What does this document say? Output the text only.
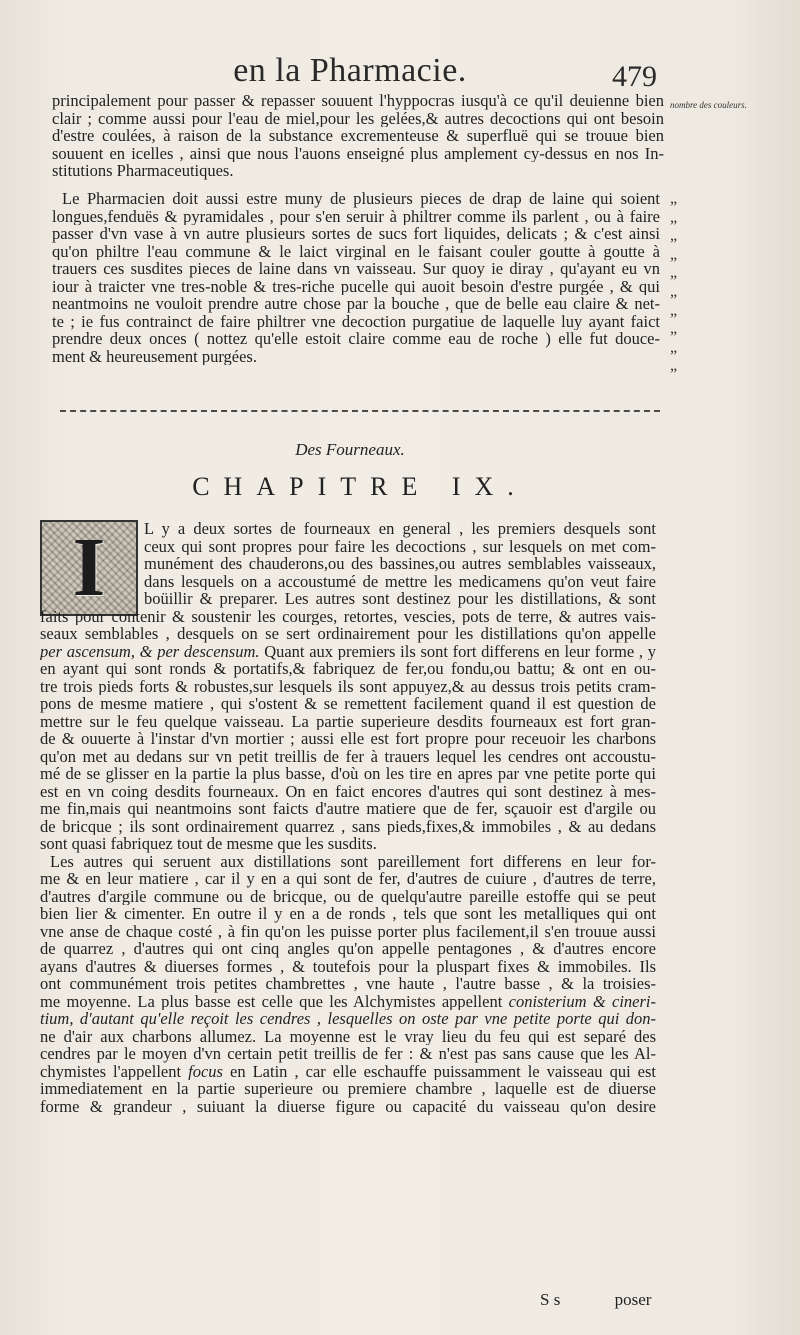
en la Pharmacie.	479
nombre des couleurs.
principalement pour passer & repasser souuent l'hyppocras iusqu'à ce qu'il deuienne bien
clair ; comme aussi pour l'eau de miel,pour les gelées,& autres decoctions qui ont besoin
d'estre coulées, à raison de la substance excrementeuse & superfluë qui se trouue bien
souuent en icelles , ainsi que nous l'auons enseigné plus amplement cy-dessus en nos In-
stitutions Pharmaceutiques.
Le Pharmacien doit aussi estre muny de plusieurs pieces de drap de laine qui soient
longues,fenduës & pyramidales , pour s'en seruir à philtrer comme ils parlent , ou à faire
passer d'vn vase à vn autre plusieurs sortes de sucs fort liquides, delicats ; & c'est ainsi
qu'on philtre l'eau commune & le laict virginal en le faisant couler goutte à goutte à
trauers ces susdites pieces de laine dans vn vaisseau. Sur quoy ie diray , qu'ayant eu vn
iour à traicter vne tres-noble & tres-riche pucelle qui auoit besoin d'estre purgée , & qui
neantmoins ne vouloit prendre autre chose par la bouche , que de belle eau claire & net-
te ; ie fus contrainct de faire philtrer vne decoction purgatiue de laquelle luy ayant faict
prendre deux onces ( nottez qu'elle estoit claire comme eau de roche ) elle fut douce-
ment & heureusement purgées.
„
„
„
„
„
„
„
„
„
„
Des Fourneaux.
CHAPITRE IX.
I L y a deux sortes de fourneaux en general , les premiers desquels sont
ceux qui sont propres pour faire les decoctions , sur lesquels on met com-
munément des chauderons,ou des bassines,ou autres semblables vaisseaux,
dans lesquels on a accoustumé de mettre les medicamens qu'on veut faire
boüillir & preparer. Les autres sont destinez pour les distillations, & sont
faits pour contenir & soustenir les courges, retortes, vescies, pots de terre, & autres vais-
seaux semblables , desquels on se sert ordinairement pour les distillations qu'on appelle
per ascensum, & per descensum. Quant aux premiers ils sont fort differens en leur forme , y
en ayant qui sont ronds & portatifs,& fabriquez de fer,ou fondu,ou battu; & ont en ou-
tre trois pieds forts & robustes,sur lesquels ils sont appuyez,& au dessus trois petits cram-
pons de mesme matiere , qui s'ostent & se remettent facilement quand il est question de
mettre sur le feu quelque vaisseau. La partie superieure desdits fourneaux est fort gran-
de & ouuerte à l'instar d'vn mortier ; aussi elle est fort propre pour receuoir les charbons
qu'on met au dedans sur vn petit treillis de fer à trauers lequel les cendres ont accoustu-
mé de se glisser en la partie la plus basse, d'où on les tire en apres par vne petite porte qui
est en vn coing desdits fourneaux. On en faict encores d'autres qui sont destinez à mes-
me fin,mais qui neantmoins sont faicts d'autre matiere que de fer, sçauoir est d'argile ou
de bricque ; ils sont ordinairement quarrez , sans pieds,fixes,& immobiles , & au dedans
sont quasi fabriquez tout de mesme que les susdits.
Les autres qui seruent aux distillations sont pareillement fort differens en leur for-
me & en leur matiere , car il y en a qui sont de fer, d'autres de cuiure , d'autres de terre,
d'autres d'argile commune ou de bricque, ou de quelqu'autre pareille estoffe qui se peut
bien lier & cimenter. En outre il y en a de ronds , tels que sont les metalliques qui ont
vne anse de chaque costé , à fin qu'on les puisse porter plus facilement,il s'en trouue aussi
de quarrez , d'autres qui ont cinq angles qu'on appelle pentagones , & d'autres encore
ayans d'autres & diuerses formes , & toutefois pour la pluspart fixes & immobiles. Ils
ont communément trois petites chambrettes , vne haute , l'autre basse , & la troisies-
me moyenne. La plus basse est celle que les Alchymistes appellent conisterium & cineri-
tium, d'autant qu'elle reçoit les cendres , lesquelles on oste par vne petite porte qui don-
ne d'air aux charbons allumez. La moyenne est le vray lieu du feu qui est separé des
cendres par le moyen d'vn certain petit treillis de fer : & n'est pas sans cause que les Al-
chymistes l'appellent focus en Latin , car elle eschauffe puissamment le vaisseau qui est
immediatement en la partie superieure ou premiere chambre , laquelle est de diuerse
forme & grandeur , suiuant la diuerse figure ou capacité du vaisseau qu'on desire
S s	poser
